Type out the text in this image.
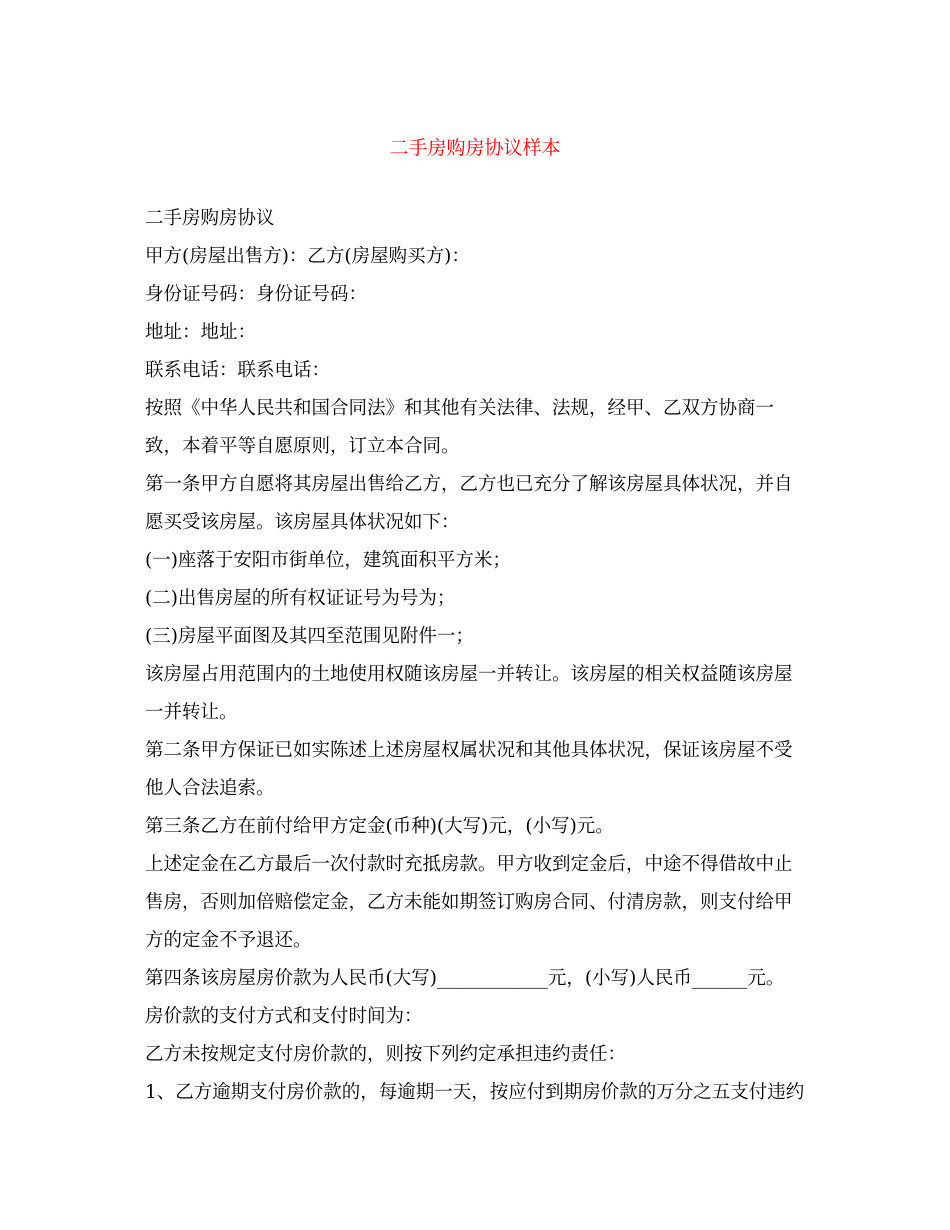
二手房购房协议样本
二手房购房协议
甲方(房屋出售方)：乙方(房屋购买方)：
身份证号码：身份证号码：
地址：地址：
联系电话：联系电话：
按照《中华人民共和国合同法》和其他有关法律、法规，经甲、乙双方协商一
致，本着平等自愿原则，订立本合同。
第一条甲方自愿将其房屋出售给乙方，乙方也已充分了解该房屋具体状况，并自
愿买受该房屋。该房屋具体状况如下：
(一)座落于安阳市街单位，建筑面积平方米；
(二)出售房屋的所有权证证号为号为；
(三)房屋平面图及其四至范围见附件一；
该房屋占用范围内的土地使用权随该房屋一并转让。该房屋的相关权益随该房屋
一并转让。
第二条甲方保证已如实陈述上述房屋权属状况和其他具体状况，保证该房屋不受
他人合法追索。
第三条乙方在前付给甲方定金(币种)(大写)元，(小写)元。
上述定金在乙方最后一次付款时充抵房款。甲方收到定金后，中途不得借故中止
售房，否则加倍赔偿定金，乙方未能如期签订购房合同、付清房款，则支付给甲
方的定金不予退还。
第四条该房屋房价款为人民币(大写)____________元，(小写)人民币______元。
房价款的支付方式和支付时间为：
乙方未按规定支付房价款的，则按下列约定承担违约责任：
1、乙方逾期支付房价款的，每逾期一天，按应付到期房价款的万分之五支付违约
